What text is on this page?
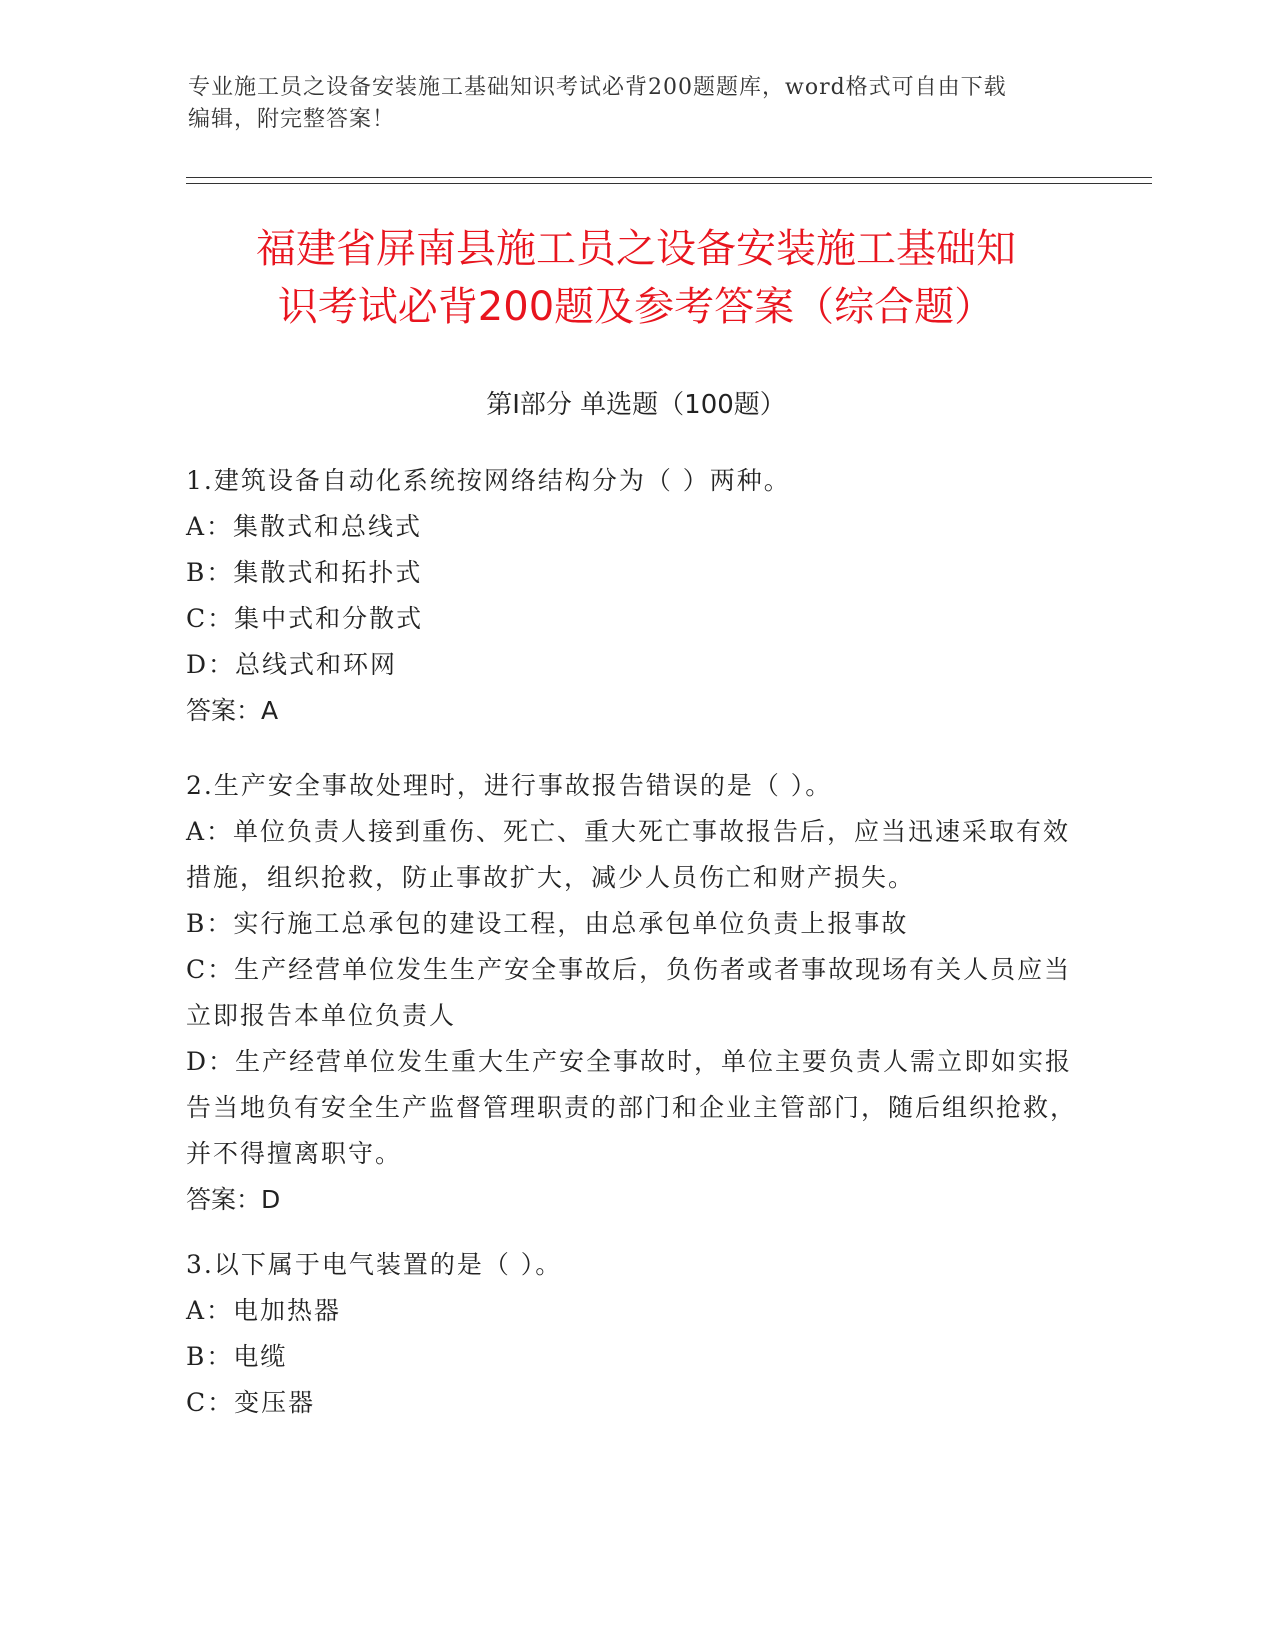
专业施工员之设备安装施工基础知识考试必背200题题库，word格式可自由下载
编辑，附完整答案！
福建省屏南县施工员之设备安装施工基础知
识考试必背200题及参考答案（综合题）
第Ⅰ部分 单选题（100题）

1.建筑设备自动化系统按网络结构分为（ ）两种。

A：集散式和总线式

B：集散式和拓扑式

C：集中式和分散式

D：总线式和环网

答案：A

2.生产安全事故处理时，进行事故报告错误的是（ ）。

A：单位负责人接到重伤、死亡、重大死亡事故报告后，应当迅速采取有效措施，组织抢救，防止事故扩大，减少人员伤亡和财产损失。

B：实行施工总承包的建设工程，由总承包单位负责上报事故

C：生产经营单位发生生产安全事故后，负伤者或者事故现场有关人员应当立即报告本单位负责人

D：生产经营单位发生重大生产安全事故时，单位主要负责人需立即如实报告当地负有安全生产监督管理职责的部门和企业主管部门，随后组织抢救，并不得擅离职守。

答案：D

3.以下属于电气装置的是（ ）。

A：电加热器

B：电缆

C：变压器
